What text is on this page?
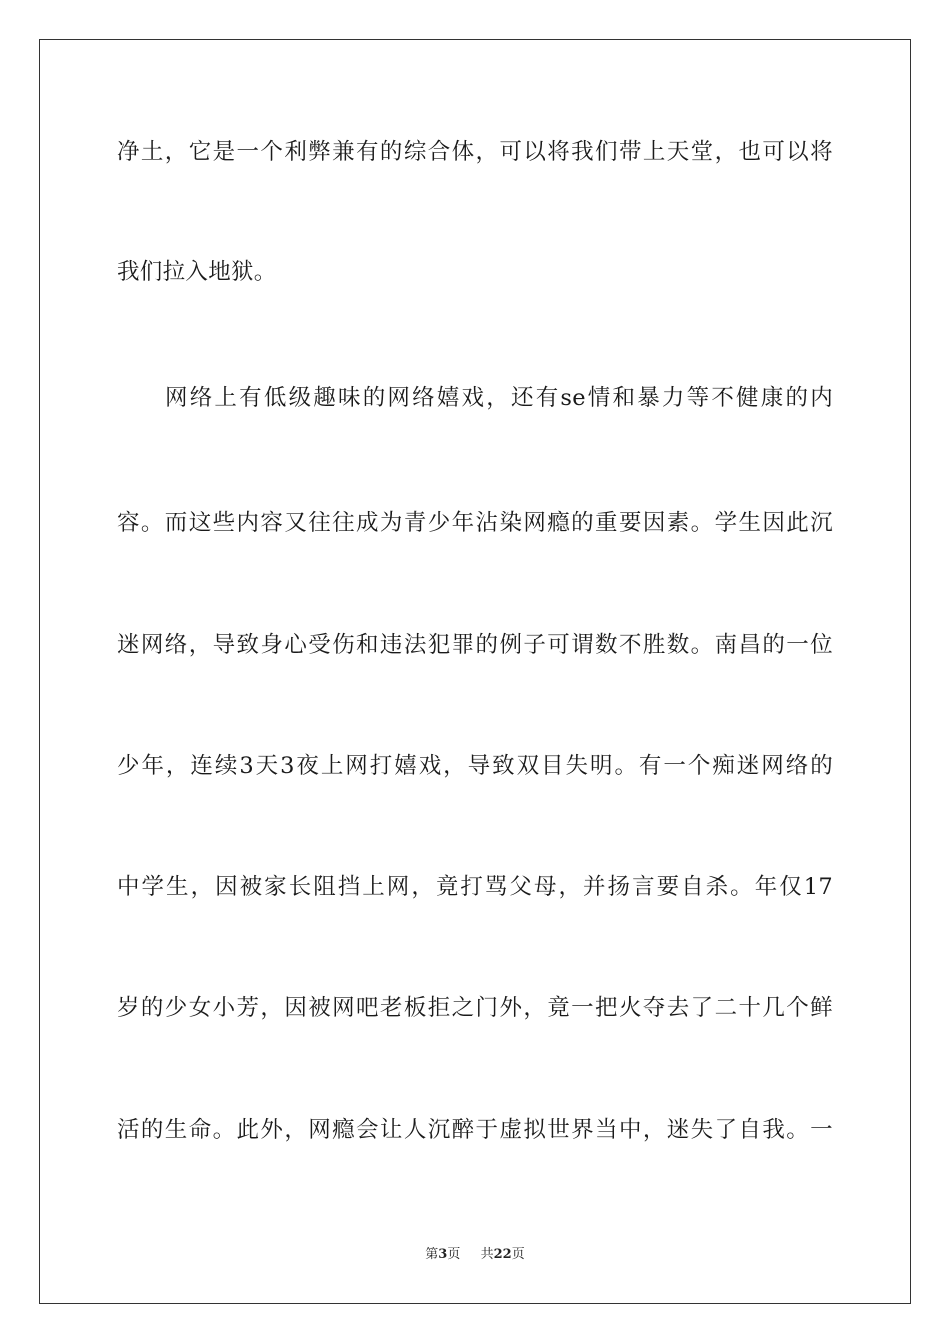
净土，它是一个利弊兼有的综合体，可以将我们带上天堂，也可以将
我们拉入地狱。
网络上有低级趣味的网络嬉戏，还有se情和暴力等不健康的内
容。而这些内容又往往成为青少年沾染网瘾的重要因素。学生因此沉
迷网络，导致身心受伤和违法犯罪的例子可谓数不胜数。南昌的一位
少年，连续3天3夜上网打嬉戏，导致双目失明。有一个痴迷网络的
中学生，因被家长阻挡上网，竟打骂父母，并扬言要自杀。年仅17
岁的少女小芳，因被网吧老板拒之门外，竟一把火夺去了二十几个鲜
活的生命。此外，网瘾会让人沉醉于虚拟世界当中，迷失了自我。一
第3页 共22页
